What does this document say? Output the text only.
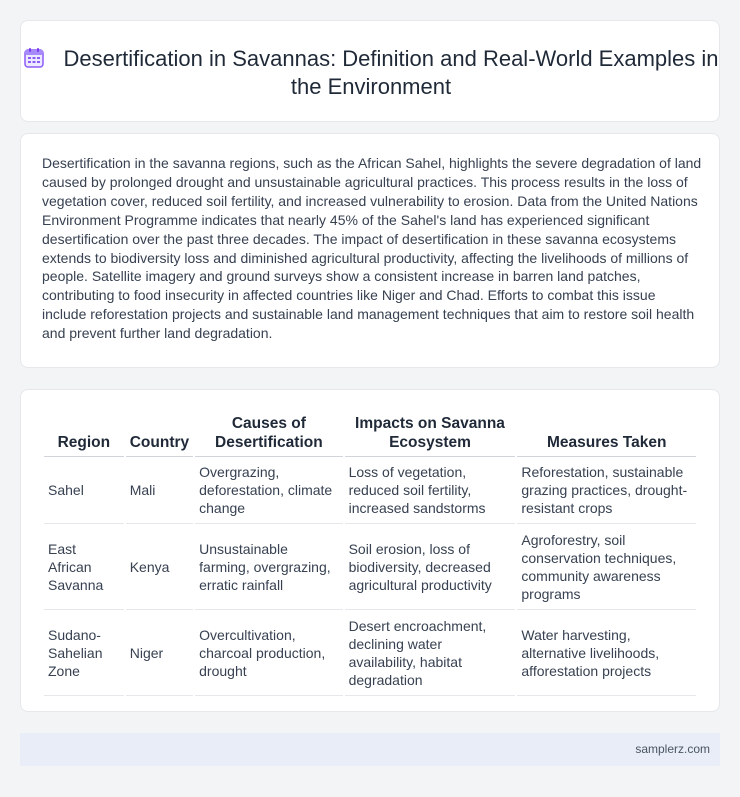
Desertification in Savannas: Definition and Real-World Examples in the Environment

Desertification in the savanna regions, such as the African Sahel, highlights the severe degradation of land caused by prolonged drought and unsustainable agricultural practices. This process results in the loss of vegetation cover, reduced soil fertility, and increased vulnerability to erosion. Data from the United Nations Environment Programme indicates that nearly 45% of the Sahel's land has experienced significant desertification over the past three decades. The impact of desertification in these savanna ecosystems extends to biodiversity loss and diminished agricultural productivity, affecting the livelihoods of millions of people. Satellite imagery and ground surveys show a consistent increase in barren land patches, contributing to food insecurity in affected countries like Niger and Chad. Efforts to combat this issue include reforestation projects and sustainable land management techniques that aim to restore soil health and prevent further land degradation.

Region	Country	Causes of Desertification	Impacts on Savanna Ecosystem	Measures Taken
Sahel	Mali	Overgrazing, deforestation, climate change	Loss of vegetation, reduced soil fertility, increased sandstorms	Reforestation, sustainable grazing practices, drought-resistant crops
East African Savanna	Kenya	Unsustainable farming, overgrazing, erratic rainfall	Soil erosion, loss of biodiversity, decreased agricultural productivity	Agroforestry, soil conservation techniques, community awareness programs
Sudano-Sahelian Zone	Niger	Overcultivation, charcoal production, drought	Desert encroachment, declining water availability, habitat degradation	Water harvesting, alternative livelihoods, afforestation projects
samplerz.com
